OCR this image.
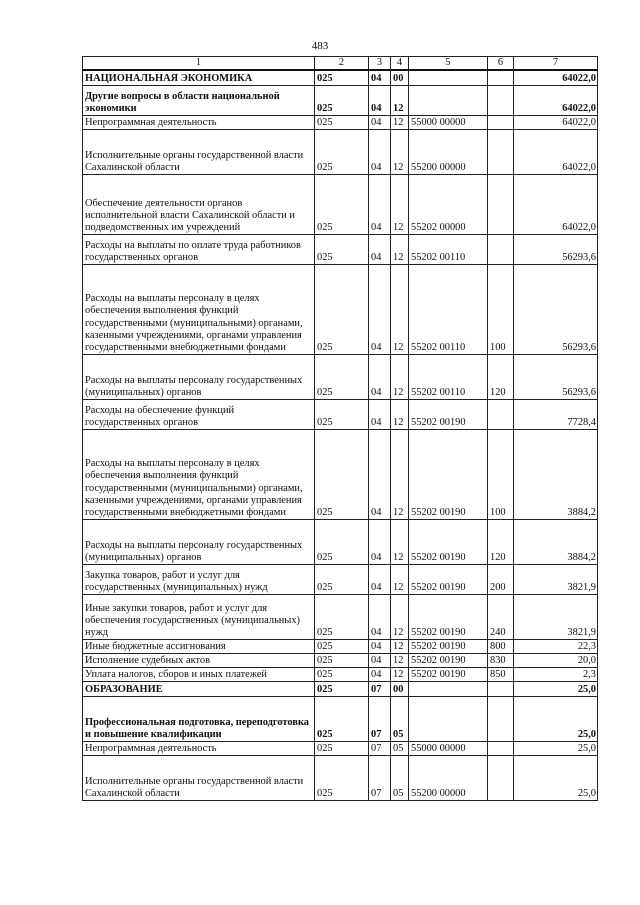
483
1	2	3	4	5	6	7
НАЦИОНАЛЬНАЯ ЭКОНОМИКА	025	04	00			64022,0
Другие вопросы в области национальной экономики	025	04	12			64022,0
Непрограммная деятельность	025	04	12	55000 00000		64022,0
Исполнительные органы государственной власти Сахалинской области	025	04	12	55200 00000		64022,0
Обеспечение деятельности органов исполнительной власти Сахалинской области и подведомственных им учреждений	025	04	12	55202 00000		64022,0
Расходы на выплаты по оплате труда работников государственных органов	025	04	12	55202 00110		56293,6
Расходы на выплаты персоналу в целях обеспечения выполнения функций государственными (муниципальными) органами, казенными учреждениями, органами управления государственными внебюджетными фондами	025	04	12	55202 00110	100	56293,6
Расходы на выплаты персоналу государственных (муниципальных) органов	025	04	12	55202 00110	120	56293,6
Расходы на обеспечение функций государственных органов	025	04	12	55202 00190		7728,4
Расходы на выплаты персоналу в целях обеспечения выполнения функций государственными (муниципальными) органами, казенными учреждениями, органами управления государственными внебюджетными фондами	025	04	12	55202 00190	100	3884,2
Расходы на выплаты персоналу государственных (муниципальных) органов	025	04	12	55202 00190	120	3884,2
Закупка товаров, работ и услуг для государственных (муниципальных) нужд	025	04	12	55202 00190	200	3821,9
Иные закупки товаров, работ и услуг для обеспечения государственных (муниципальных) нужд	025	04	12	55202 00190	240	3821,9
Иные бюджетные ассигнования	025	04	12	55202 00190	800	22,3
Исполнение судебных актов	025	04	12	55202 00190	830	20,0
Уплата налогов, сборов и иных платежей	025	04	12	55202 00190	850	2,3
ОБРАЗОВАНИЕ	025	07	00			25,0
Профессиональная подготовка, переподготовка и повышение квалификации	025	07	05			25,0
Непрограммная деятельность	025	07	05	55000 00000		25,0
Исполнительные органы государственной власти Сахалинской области	025	07	05	55200 00000		25,0
